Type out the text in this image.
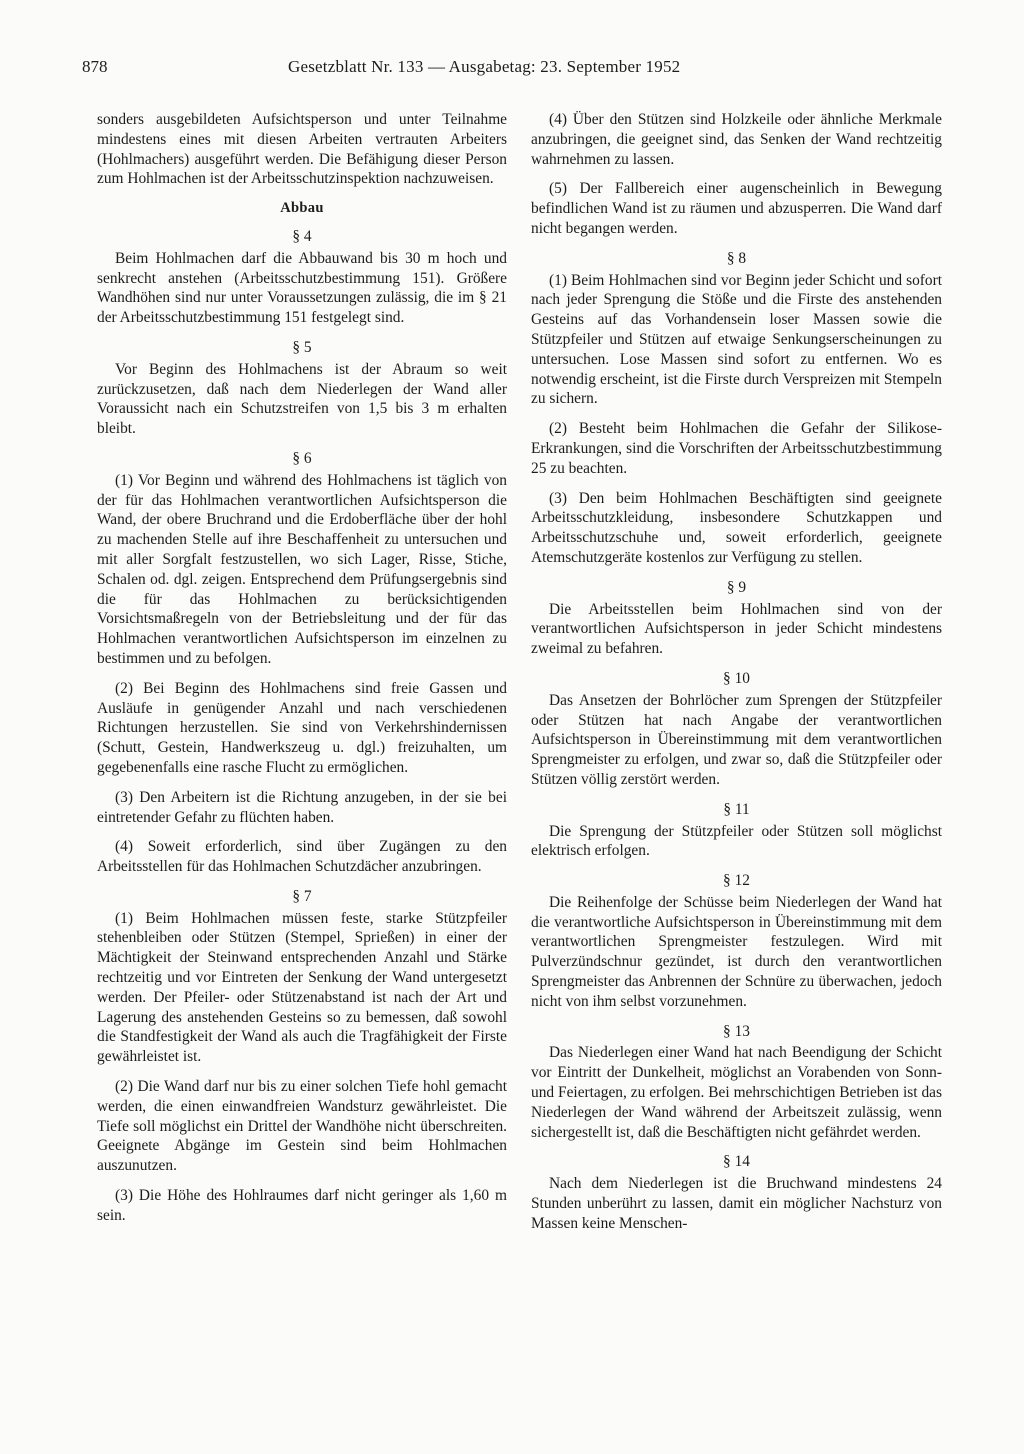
878	Gesetzblatt Nr. 133 — Ausgabetag: 23. September 1952

sonders ausgebildeten Aufsichtsperson und unter Teilnahme mindestens eines mit diesen Arbeiten vertrauten Arbeiters (Hohlmachers) ausgeführt werden. Die Befähigung dieser Person zum Hohlmachen ist der Arbeitsschutzinspektion nachzuweisen.

Abbau
§ 4

Beim Hohlmachen darf die Abbauwand bis 30 m hoch und senkrecht anstehen (Arbeitsschutzbestimmung 151). Größere Wandhöhen sind nur unter Voraussetzungen zulässig, die im § 21 der Arbeitsschutzbestimmung 151 festgelegt sind.

§ 5

Vor Beginn des Hohlmachens ist der Abraum so weit zurückzusetzen, daß nach dem Niederlegen der Wand aller Voraussicht nach ein Schutzstreifen von 1,5 bis 3 m erhalten bleibt.

§ 6

(1) Vor Beginn und während des Hohlmachens ist täglich von der für das Hohlmachen verantwortlichen Aufsichtsperson die Wand, der obere Bruchrand und die Erdoberfläche über der hohl zu machenden Stelle auf ihre Beschaffenheit zu untersuchen und mit aller Sorgfalt festzustellen, wo sich Lager, Risse, Stiche, Schalen od. dgl. zeigen. Entsprechend dem Prüfungsergebnis sind die für das Hohlmachen zu berücksichtigenden Vorsichtsmaßregeln von der Betriebsleitung und der für das Hohlmachen verantwortlichen Aufsichtsperson im einzelnen zu bestimmen und zu befolgen.

(2) Bei Beginn des Hohlmachens sind freie Gassen und Ausläufe in genügender Anzahl und nach verschiedenen Richtungen herzustellen. Sie sind von Verkehrshindernissen (Schutt, Gestein, Handwerkszeug u. dgl.) freizuhalten, um gegebenenfalls eine rasche Flucht zu ermöglichen.

(3) Den Arbeitern ist die Richtung anzugeben, in der sie bei eintretender Gefahr zu flüchten haben.

(4) Soweit erforderlich, sind über Zugängen zu den Arbeitsstellen für das Hohlmachen Schutzdächer anzubringen.

§ 7

(1) Beim Hohlmachen müssen feste, starke Stützpfeiler stehenbleiben oder Stützen (Stempel, Sprießen) in einer der Mächtigkeit der Steinwand entsprechenden Anzahl und Stärke rechtzeitig und vor Eintreten der Senkung der Wand untergesetzt werden. Der Pfeiler- oder Stützenabstand ist nach der Art und Lagerung des anstehenden Gesteins so zu bemessen, daß sowohl die Standfestigkeit der Wand als auch die Tragfähigkeit der Firste gewährleistet ist.

(2) Die Wand darf nur bis zu einer solchen Tiefe hohl gemacht werden, die einen einwandfreien Wandsturz gewährleistet. Die Tiefe soll möglichst ein Drittel der Wandhöhe nicht überschreiten. Geeignete Abgänge im Gestein sind beim Hohlmachen auszunutzen.

(3) Die Höhe des Hohlraumes darf nicht geringer als 1,60 m sein.

(4) Über den Stützen sind Holzkeile oder ähnliche Merkmale anzubringen, die geeignet sind, das Senken der Wand rechtzeitig wahrnehmen zu lassen.

(5) Der Fallbereich einer augenscheinlich in Bewegung befindlichen Wand ist zu räumen und abzusperren. Die Wand darf nicht begangen werden.

§ 8

(1) Beim Hohlmachen sind vor Beginn jeder Schicht und sofort nach jeder Sprengung die Stöße und die Firste des anstehenden Gesteins auf das Vorhandensein loser Massen sowie die Stützpfeiler und Stützen auf etwaige Senkungserscheinungen zu untersuchen. Lose Massen sind sofort zu entfernen. Wo es notwendig erscheint, ist die Firste durch Verspreizen mit Stempeln zu sichern.

(2) Besteht beim Hohlmachen die Gefahr der Silikose-Erkrankungen, sind die Vorschriften der Arbeitsschutzbestimmung 25 zu beachten.

(3) Den beim Hohlmachen Beschäftigten sind geeignete Arbeitsschutzkleidung, insbesondere Schutzkappen und Arbeitsschutzschuhe und, soweit erforderlich, geeignete Atemschutzgeräte kostenlos zur Verfügung zu stellen.

§ 9

Die Arbeitsstellen beim Hohlmachen sind von der verantwortlichen Aufsichtsperson in jeder Schicht mindestens zweimal zu befahren.

§ 10

Das Ansetzen der Bohrlöcher zum Sprengen der Stützpfeiler oder Stützen hat nach Angabe der verantwortlichen Aufsichtsperson in Übereinstimmung mit dem verantwortlichen Sprengmeister zu erfolgen, und zwar so, daß die Stützpfeiler oder Stützen völlig zerstört werden.

§ 11

Die Sprengung der Stützpfeiler oder Stützen soll möglichst elektrisch erfolgen.

§ 12

Die Reihenfolge der Schüsse beim Niederlegen der Wand hat die verantwortliche Aufsichtsperson in Übereinstimmung mit dem verantwortlichen Sprengmeister festzulegen. Wird mit Pulverzündschnur gezündet, ist durch den verantwortlichen Sprengmeister das Anbrennen der Schnüre zu überwachen, jedoch nicht von ihm selbst vorzunehmen.

§ 13

Das Niederlegen einer Wand hat nach Beendigung der Schicht vor Eintritt der Dunkelheit, möglichst an Vorabenden von Sonn- und Feiertagen, zu erfolgen. Bei mehrschichtigen Betrieben ist das Niederlegen der Wand während der Arbeitszeit zulässig, wenn sichergestellt ist, daß die Beschäftigten nicht gefährdet werden.

§ 14

Nach dem Niederlegen ist die Bruchwand mindestens 24 Stunden unberührt zu lassen, damit ein möglicher Nachsturz von Massen keine Menschen-
